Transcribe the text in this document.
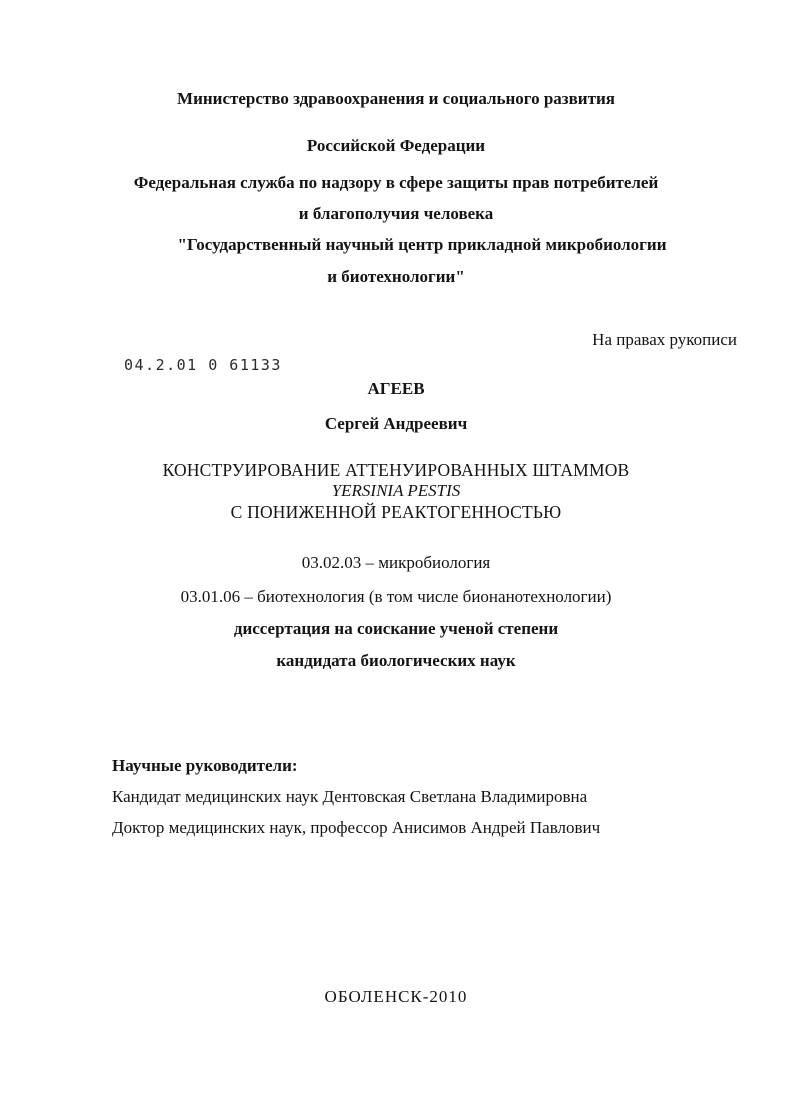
Министерство здравоохранения и социального развития
Российской Федерации
Федеральная служба по надзору в сфере защиты прав потребителей
и благополучия человека
"Государственный научный центр прикладной микробиологии
и биотехнологии"
На правах рукописи
04.2.01 0 61133
АГЕЕВ
Сергей Андреевич
КОНСТРУИРОВАНИЕ АТТЕНУИРОВАННЫХ ШТАММОВ
YERSINIA PESTIS
С ПОНИЖЕННОЙ РЕАКТОГЕННОСТЬЮ
03.02.03 – микробиология
03.01.06 – биотехнология (в том числе бионанотехнологии)
диссертация на соискание ученой степени
кандидата биологических наук
Научные руководители:
Кандидат медицинских наук Дентовская Светлана Владимировна
Доктор медицинских наук, профессор Анисимов Андрей Павлович
ОБОЛЕНСК-2010
